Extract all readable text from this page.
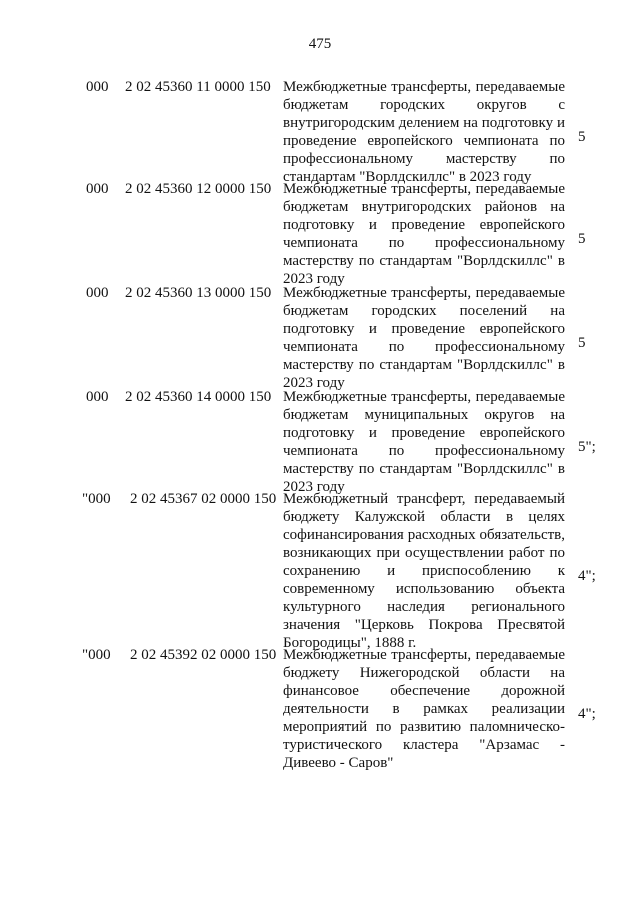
475
000 2 02 45360 11 0000 150 Межбюджетные трансферты, передаваемые
бюджетам городских округов с
внутригородским делением на подготовку и
проведение европейского чемпионата по
профессиональному мастерству по
стандартам "Ворлдскиллс" в 2023 году
5
000 2 02 45360 12 0000 150 Межбюджетные трансферты, передаваемые
бюджетам внутригородских районов на
подготовку и проведение европейского
чемпионата по профессиональному
мастерству по стандартам "Ворлдскиллс" в
2023 году
5
000 2 02 45360 13 0000 150 Межбюджетные трансферты, передаваемые
бюджетам городских поселений на
подготовку и проведение европейского
чемпионата по профессиональному
мастерству по стандартам "Ворлдскиллс" в
2023 году
5
000 2 02 45360 14 0000 150 Межбюджетные трансферты, передаваемые
бюджетам муниципальных округов на
подготовку и проведение европейского
чемпионата по профессиональному
мастерству по стандартам "Ворлдскиллс" в
2023 году
5";
"000 2 02 45367 02 0000 150 Межбюджетный трансферт, передаваемый
бюджету Калужской области в целях
софинансирования расходных обязательств,
возникающих при осуществлении работ по
сохранению и приспособлению к
современному использованию объекта
культурного наследия регионального
значения "Церковь Покрова Пресвятой
Богородицы", 1888 г.
4";
"000 2 02 45392 02 0000 150 Межбюджетные трансферты, передаваемые
бюджету Нижегородской области на
финансовое обеспечение дорожной
деятельности в рамках реализации
мероприятий по развитию паломническо-
туристического кластера "Арзамас -
Дивеево - Саров"
4";
